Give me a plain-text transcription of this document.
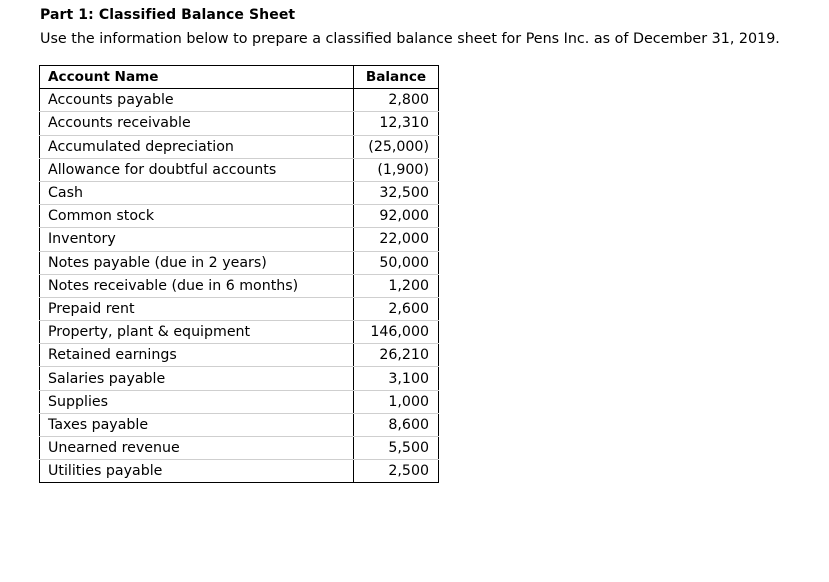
Part 1: Classified Balance Sheet
Use the information below to prepare a classified balance sheet for Pens Inc. as of December 31, 2019.
Account Name	Balance
Accounts payable	2,800
Accounts receivable	12,310
Accumulated depreciation	(25,000)
Allowance for doubtful accounts	(1,900)
Cash	32,500
Common stock	92,000
Inventory	22,000
Notes payable (due in 2 years)	50,000
Notes receivable (due in 6 months)	1,200
Prepaid rent	2,600
Property, plant & equipment	146,000
Retained earnings	26,210
Salaries payable	3,100
Supplies	1,000
Taxes payable	8,600
Unearned revenue	5,500
Utilities payable	2,500
